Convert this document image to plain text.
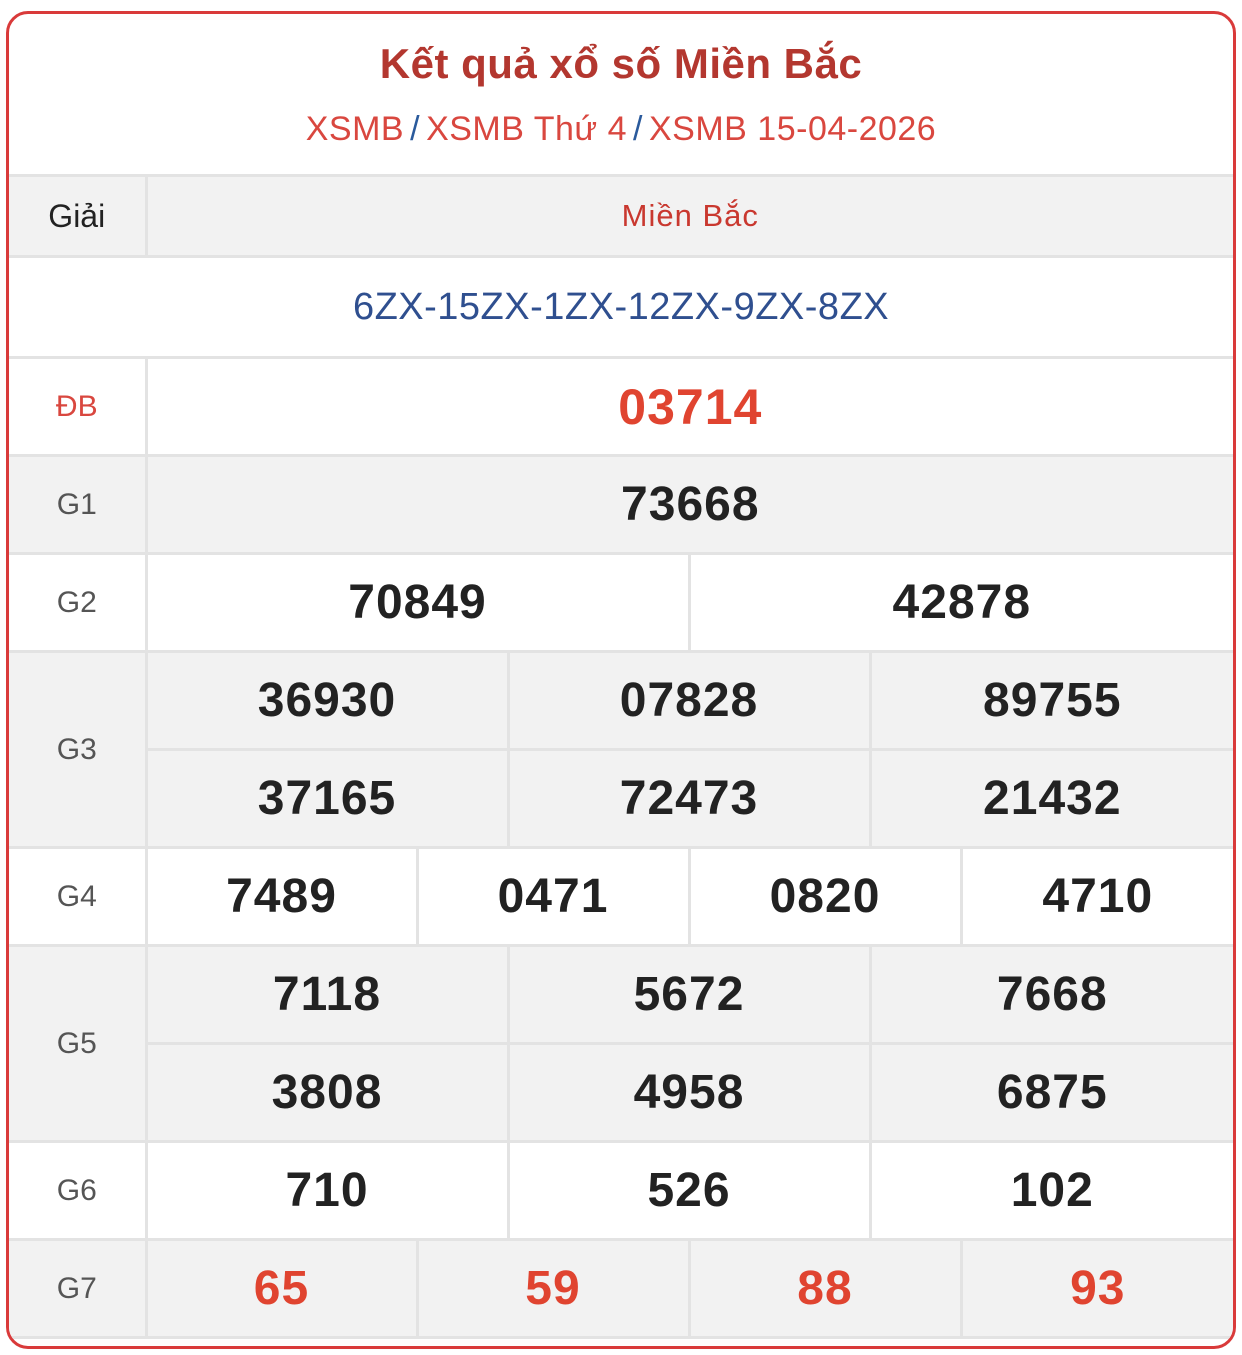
Kết quả xổ số Miền Bắc
XSMB / XSMB Thứ 4 / XSMB 15-04-2026
Giải	Miền Bắc					
6ZX-15ZX-1ZX-12ZX-9ZX-8ZX						
ĐB	03714					
G1	73668					
G2	70849			42878		
G3	36930		07828		89755	
	37165		72473		21432	
G4	7489	0471		0820		4710
G5	7118		5672		7668	
	3808		4958		6875	
G6	710		526		102	
G7	65	59		88		93
